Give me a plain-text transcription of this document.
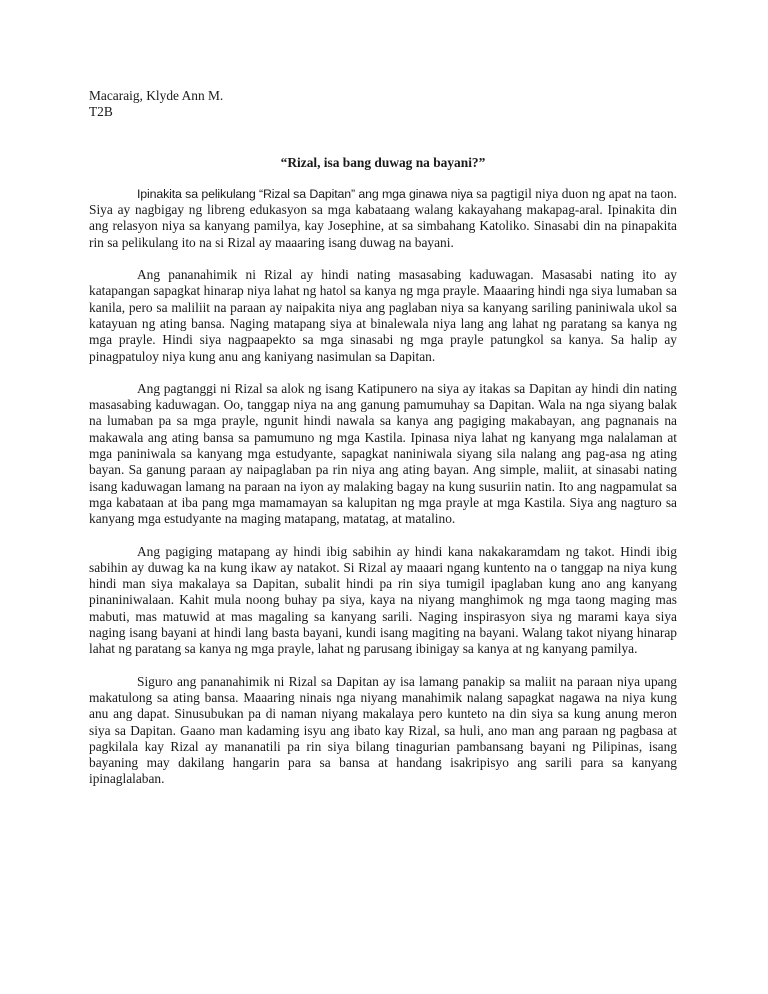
Macaraig, Klyde Ann M.
T2B

“Rizal, isa bang duwag na bayani?”

Ipinakita sa pelikulang “Rizal sa Dapitan” ang mga ginawa niya sa pagtigil niya duon ng apat na taon. Siya ay nagbigay ng libreng edukasyon sa mga kabataang walang kakayahang makapag-aral. Ipinakita din ang relasyon niya sa kanyang pamilya, kay Josephine, at sa simbahang Katoliko. Sinasabi din na pinapakita rin sa pelikulang ito na si Rizal ay maaaring isang duwag na bayani.

Ang pananahimik ni Rizal ay hindi nating masasabing kaduwagan. Masasabi nating ito ay katapangan sapagkat hinarap niya lahat ng hatol sa kanya ng mga prayle. Maaaring hindi nga siya lumaban sa kanila, pero sa maliliit na paraan ay naipakita niya ang paglaban niya sa kanyang sariling paniniwala ukol sa katayuan ng ating bansa. Naging matapang siya at binalewala niya lang ang lahat ng paratang sa kanya ng mga prayle. Hindi siya nagpaapekto sa mga sinasabi ng mga prayle patungkol sa kanya. Sa halip ay pinagpatuloy niya kung anu ang kaniyang nasimulan sa Dapitan.

Ang pagtanggi ni Rizal sa alok ng isang Katipunero na siya ay itakas sa Dapitan ay hindi din nating masasabing kaduwagan. Oo, tanggap niya na ang ganung pamumuhay sa Dapitan. Wala na nga siyang balak na lumaban pa sa mga prayle, ngunit hindi nawala sa kanya ang pagiging makabayan, ang pagnanais na makawala ang ating bansa sa pamumuno ng mga Kastila. Ipinasa niya lahat ng kanyang mga nalalaman at mga paniniwala sa kanyang mga estudyante, sapagkat naniniwala siyang sila nalang ang pag-asa ng ating bayan. Sa ganung paraan ay naipaglaban pa rin niya ang ating bayan. Ang simple, maliit, at sinasabi nating isang kaduwagan lamang na paraan na iyon ay malaking bagay na kung susuriin natin. Ito ang nagpamulat sa mga kabataan at iba pang mga mamamayan sa kalupitan ng mga prayle at mga Kastila. Siya ang nagturo sa kanyang mga estudyante na maging matapang, matatag, at matalino.

Ang pagiging matapang ay hindi ibig sabihin ay hindi kana nakakaramdam ng takot. Hindi ibig sabihin ay duwag ka na kung ikaw ay natakot. Si Rizal ay maaari ngang kuntento na o tanggap na niya kung hindi man siya makalaya sa Dapitan, subalit hindi pa rin siya tumigil ipaglaban kung ano ang kanyang pinaniniwalaan. Kahit mula noong buhay pa siya, kaya na niyang manghimok ng mga taong maging mas mabuti, mas matuwid at mas magaling sa kanyang sarili. Naging inspirasyon siya ng marami kaya siya naging isang bayani at hindi lang basta bayani, kundi isang magiting na bayani. Walang takot niyang hinarap lahat ng paratang sa kanya ng mga prayle, lahat ng parusang ibinigay sa kanya at ng kanyang pamilya.

Siguro ang pananahimik ni Rizal sa Dapitan ay isa lamang panakip sa maliit na paraan niya upang makatulong sa ating bansa. Maaaring ninais nga niyang manahimik nalang sapagkat nagawa na niya kung anu ang dapat. Sinusubukan pa di naman niyang makalaya pero kunteto na din siya sa kung anung meron siya sa Dapitan. Gaano man kadaming isyu ang ibato kay Rizal, sa huli, ano man ang paraan ng pagbasa at pagkilala kay Rizal ay mananatili pa rin siya bilang tinagurian pambansang bayani ng Pilipinas, isang bayaning may dakilang hangarin para sa bansa at handang isakripisyo ang sarili para sa kanyang ipinaglalaban.
